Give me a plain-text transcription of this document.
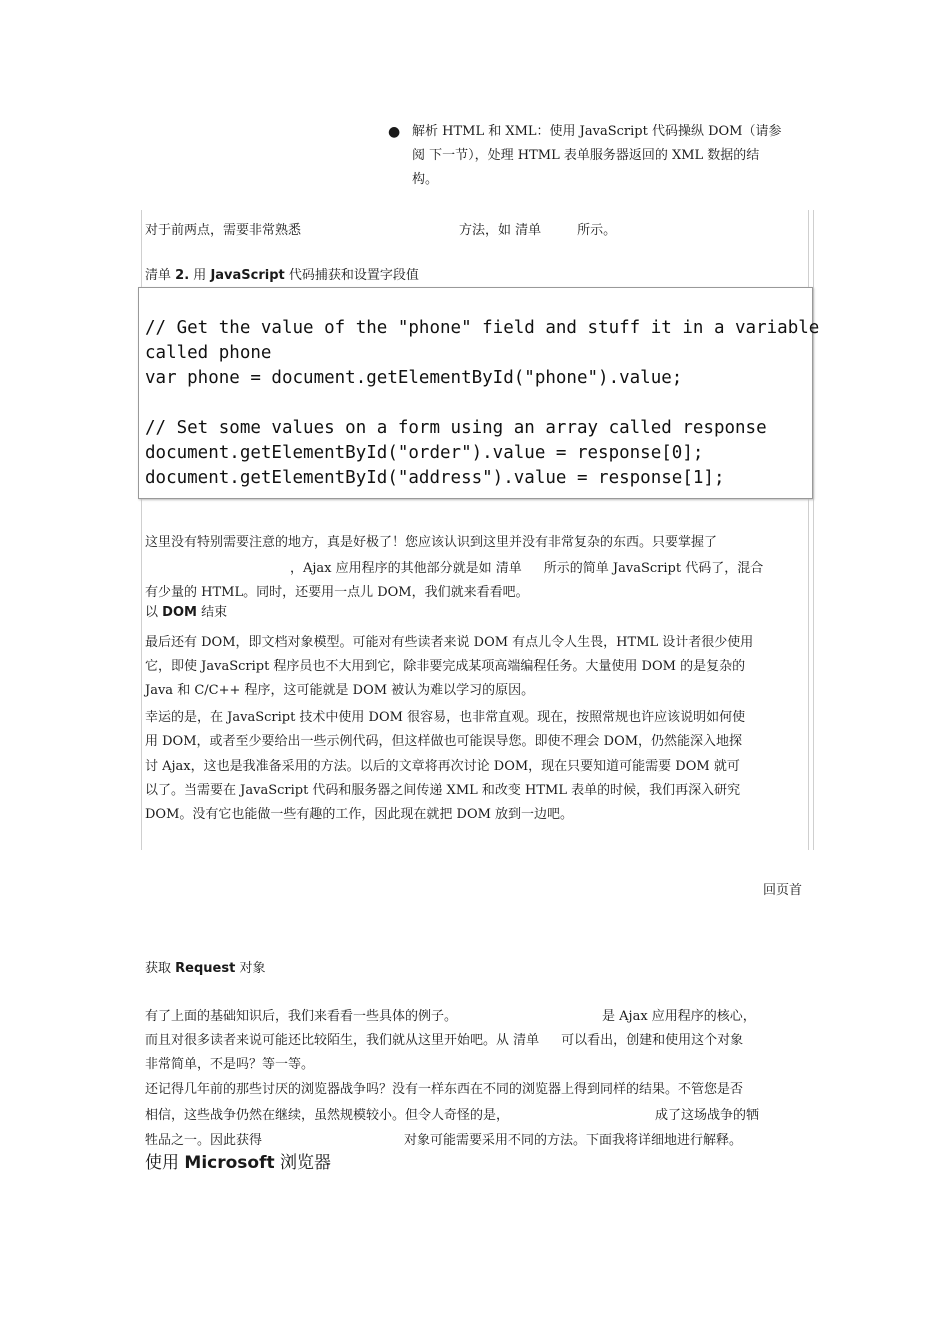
● 解析 HTML 和 XML：使用 JavaScript 代码操纵 DOM（请参
阅 下一节），处理 HTML 表单服务器返回的 XML 数据的结
构。
对于前两点，需要非常熟悉	方法，如 清单	所示。
清单 2. 用 JavaScript 代码捕获和设置字段值
// Get the value of the "phone" field and stuff it in a variable
called phone
var phone = document.getElementById("phone").value;

// Set some values on a form using an array called response
document.getElementById("order").value = response[0];
document.getElementById("address").value = response[1];
这里没有特别需要注意的地方，真是好极了！您应该认识到这里并没有非常复杂的东西。只要掌握了
，Ajax 应用程序的其他部分就是如 清单 所示的简单 JavaScript 代码了，混合
有少量的 HTML。同时，还要用一点儿 DOM，我们就来看看吧。
以 DOM 结束
最后还有 DOM，即文档对象模型。可能对有些读者来说 DOM 有点儿令人生畏，HTML 设计者很少使用
它，即使 JavaScript 程序员也不大用到它，除非要完成某项高端编程任务。大量使用 DOM 的是复杂的
Java 和 C/C++ 程序，这可能就是 DOM 被认为难以学习的原因。
幸运的是，在 JavaScript 技术中使用 DOM 很容易，也非常直观。现在，按照常规也许应该说明如何使
用 DOM，或者至少要给出一些示例代码，但这样做也可能误导您。即使不理会 DOM，仍然能深入地探
讨 Ajax，这也是我准备采用的方法。以后的文章将再次讨论 DOM，现在只要知道可能需要 DOM 就可
以了。当需要在 JavaScript 代码和服务器之间传递 XML 和改变 HTML 表单的时候，我们再深入研究
DOM。没有它也能做一些有趣的工作，因此现在就把 DOM 放到一边吧。
回页首
获取 Request 对象
有了上面的基础知识后，我们来看看一些具体的例子。	是 Ajax 应用程序的核心，
而且对很多读者来说可能还比较陌生，我们就从这里开始吧。从 清单 可以看出，创建和使用这个对象
非常简单，不是吗？等一等。
还记得几年前的那些讨厌的浏览器战争吗？没有一样东西在不同的浏览器上得到同样的结果。不管您是否
相信，这些战争仍然在继续，虽然规模较小。但令人奇怪的是，	成了这场战争的牺
牲品之一。因此获得	对象可能需要采用不同的方法。下面我将详细地进行解释。
使用 Microsoft 浏览器
